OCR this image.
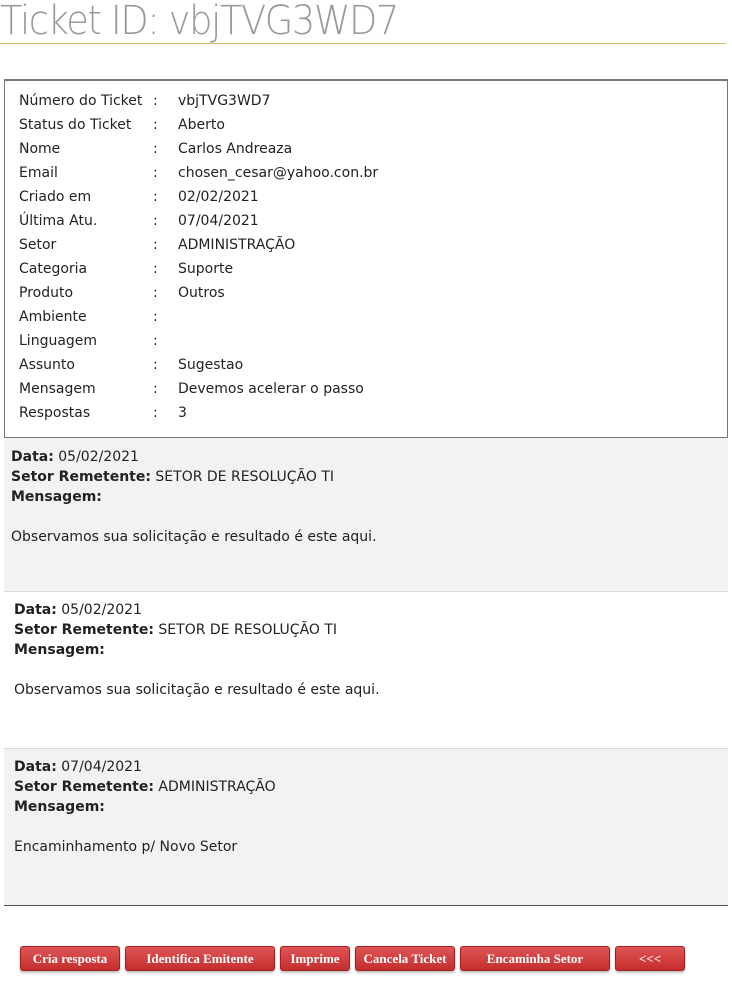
Ticket ID: vbjTVG3WD7
Número do Ticket : vbjTVG3WD7
Status do Ticket	: Aberto
Nome	: Carlos Andreaza
Email	: chosen_cesar@yahoo.con.br
Criado em	: 02/02/2021
Última Atu.	: 07/04/2021
Setor	: ADMINISTRAÇÃO
Categoria	: Suporte
Produto	: Outros
Ambiente	:
Linguagem	:
Assunto	: Sugestao
Mensagem	: Devemos acelerar o passo
Respostas	: 3
Data: 05/02/2021
Setor Remetente: SETOR DE RESOLUÇÃO TI
Mensagem:
Observamos sua solicitação e resultado é este aqui.
Data: 05/02/2021
Setor Remetente: SETOR DE RESOLUÇÃO TI
Mensagem:
Observamos sua solicitação e resultado é este aqui.
Data: 07/04/2021
Setor Remetente: ADMINISTRAÇÃO
Mensagem:
Encaminhamento p/ Novo Setor
Cria resposta	Identifica Emitente	Imprime	Cancela Ticket	Encaminha Setor	<<<
